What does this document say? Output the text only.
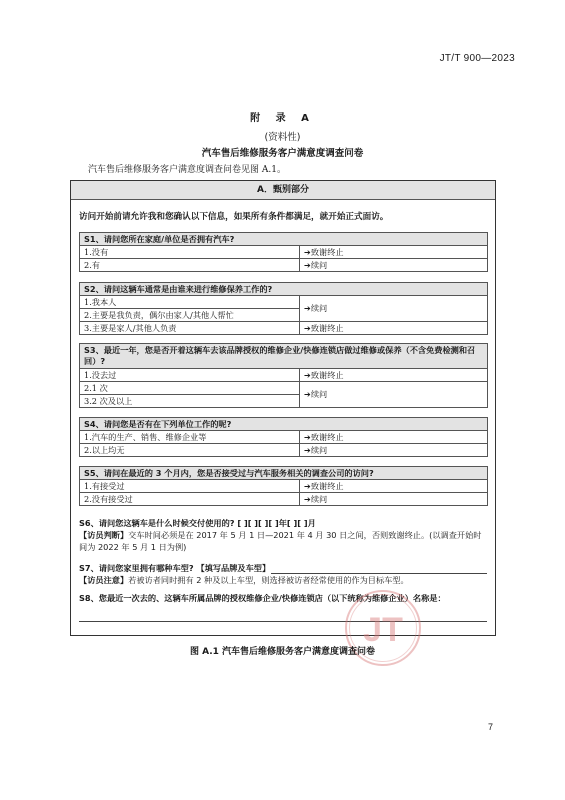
JT/T 900—2023
附 录 A
(资料性)
汽车售后维修服务客户满意度调查问卷
汽车售后维修服务客户满意度调查问卷见图 A.1。
A．甄别部分
访问开始前请允许我和您确认以下信息，如果所有条件都满足，就开始正式面访。
S1、请问您所在家庭/单位是否拥有汽车?	
1.没有	➔致谢终止
2.有	➔续问
S2、请问这辆车通常是由谁来进行维修保养工作的?	
1.我本人	➔续问
2.主要是我负责，偶尔由家人/其他人帮忙	
3.主要是家人/其他人负责	➔致谢终止
S3、最近一年，您是否开着这辆车去该品牌授权的维修企业/快修连锁店做过维修或保养（不含免费检测和召回）?	
1.没去过	➔致谢终止
2.1 次	➔续问
3.2 次及以上	
S4、请问您是否有在下列单位工作的呢?	
1.汽车的生产、销售、维修企业等	➔致谢终止
2.以上均无	➔续问
S5、请问在最近的 3 个月内，您是否接受过与汽车服务相关的调查公司的访问?	
1.有接受过	➔致谢终止
2.没有接受过	➔续问
S6、请问您这辆车是什么时候交付使用的? [ ][ ][ ][ ]年[ ][ ]月
【访员判断】交车时间必须是在 2017 年 5 月 1 日—2021 年 4 月 30 日之间，否则致谢终止。(以调查开始时间为 2022 年 5 月 1 日为例)
S7、请问您家里拥有哪种车型? 【填写品牌及车型】
【访员注意】若被访者同时拥有 2 种及以上车型，则选择被访者经常使用的作为目标车型。
S8、您最近一次去的、这辆车所属品牌的授权维修企业/快修连锁店（以下统称为维修企业）名称是：
JT
图 A.1 汽车售后维修服务客户满意度调查问卷
7
